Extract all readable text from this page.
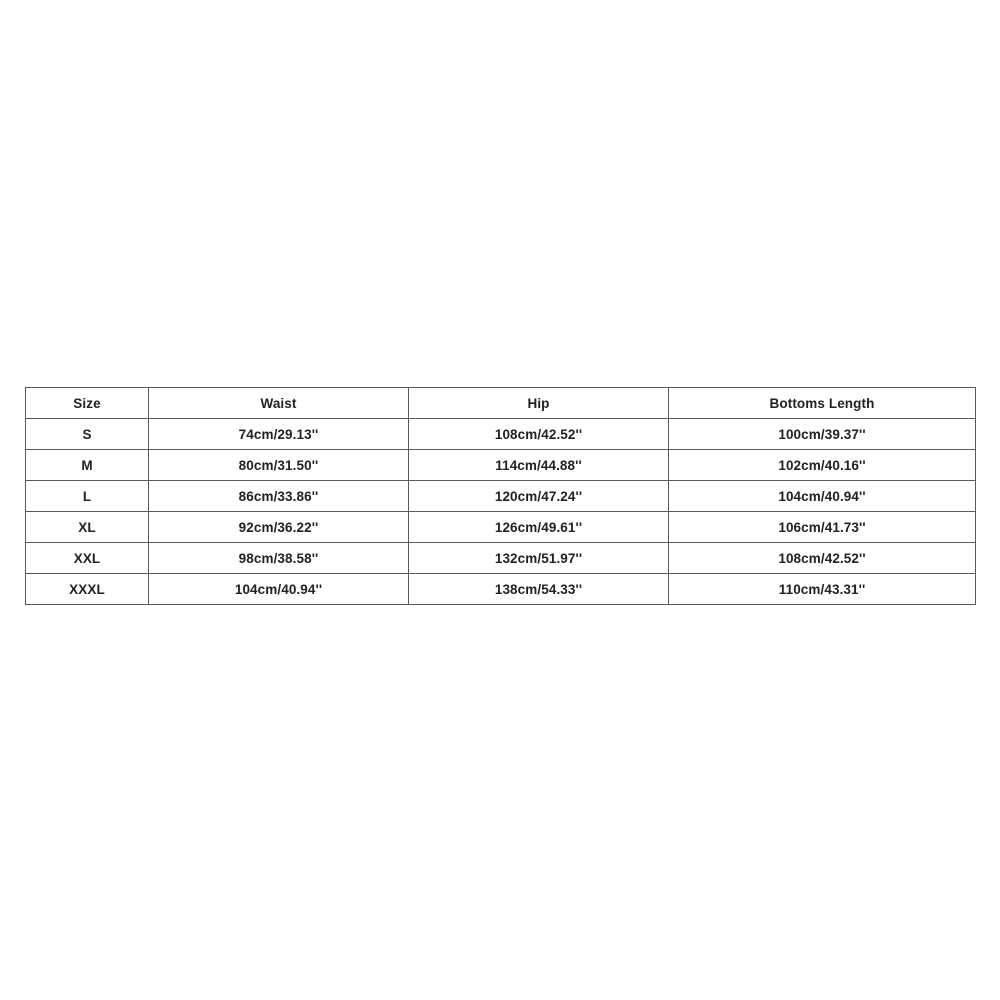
Size	Waist	Hip	Bottoms Length
S	74cm/29.13''	108cm/42.52''	100cm/39.37''
M	80cm/31.50''	114cm/44.88''	102cm/40.16''
L	86cm/33.86''	120cm/47.24''	104cm/40.94''
XL	92cm/36.22''	126cm/49.61''	106cm/41.73''
XXL	98cm/38.58''	132cm/51.97''	108cm/42.52''
XXXL	104cm/40.94''	138cm/54.33''	110cm/43.31''
